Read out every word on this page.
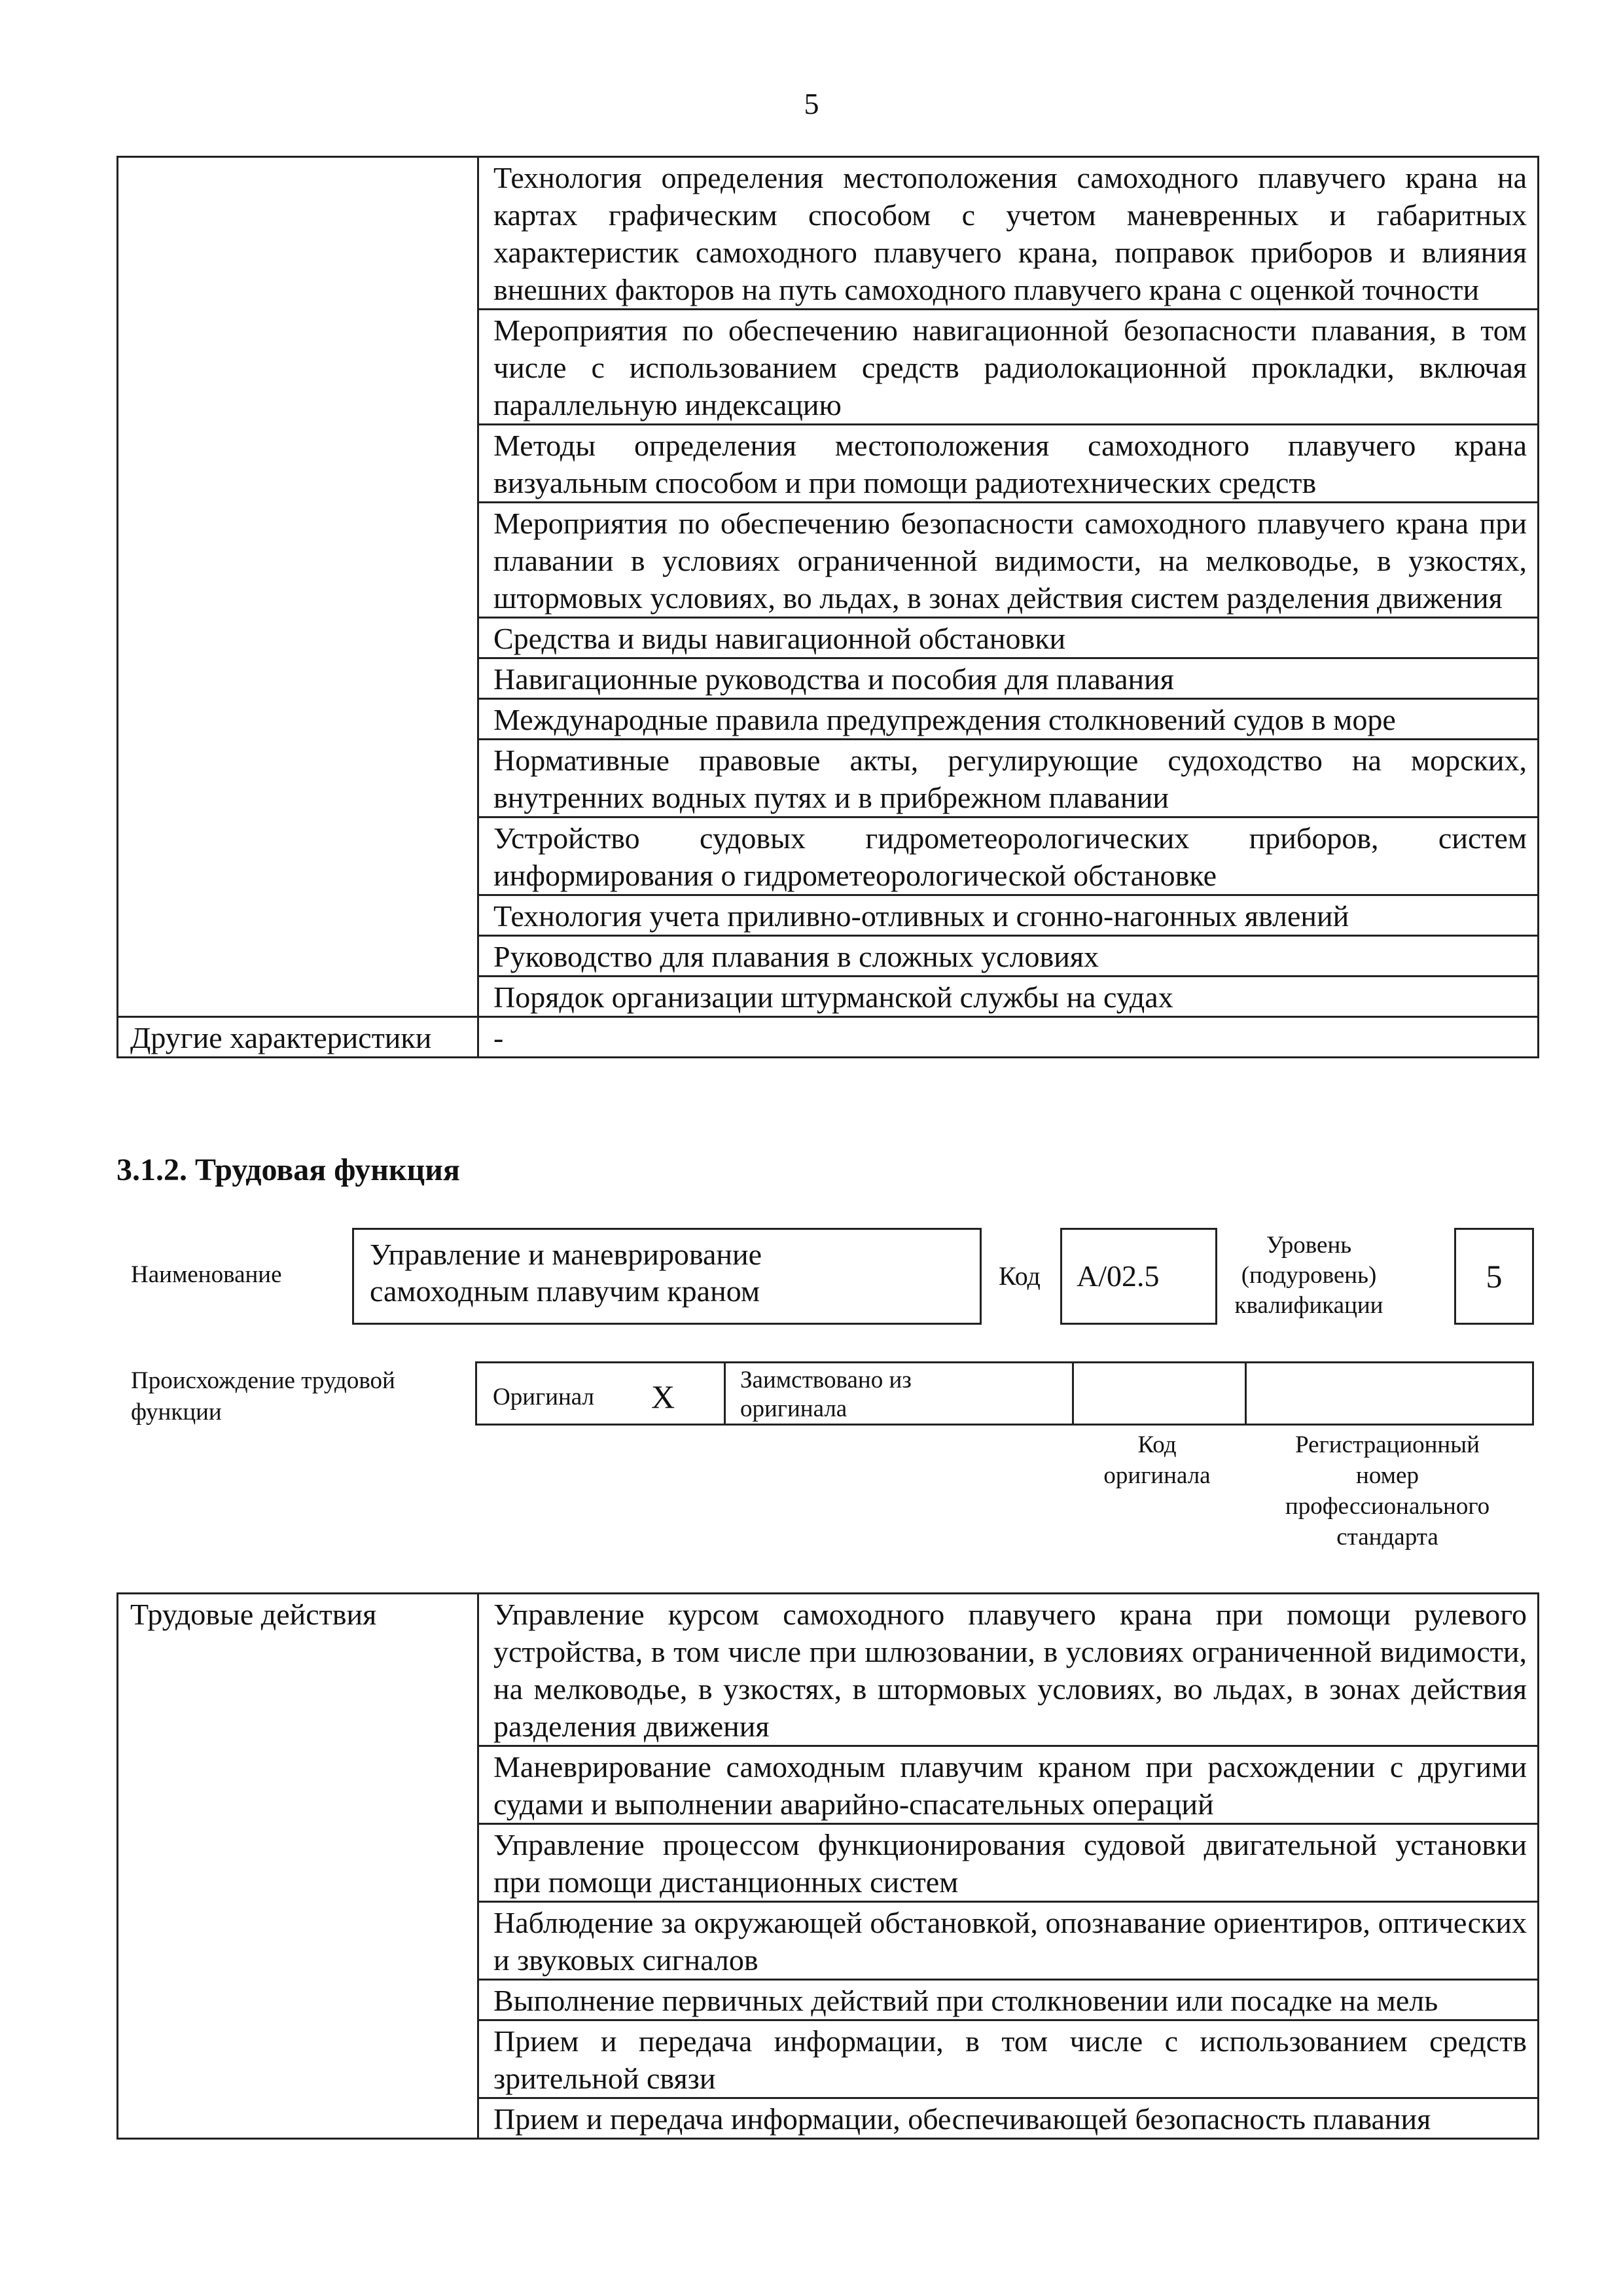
5
	Технология определения местоположения самоходного плавучего крана на картах графическим способом с учетом маневренных и габаритных характеристик самоходного плавучего крана, поправок приборов и влияния внешних факторов на путь самоходного плавучего крана с оценкой точности
	Мероприятия по обеспечению навигационной безопасности плавания, в том числе с использованием средств радиолокационной прокладки, включая параллельную индексацию
	Методы определения местоположения самоходного плавучего крана визуальным способом и при помощи радиотехнических средств
	Мероприятия по обеспечению безопасности самоходного плавучего крана при плавании в условиях ограниченной видимости, на мелководье, в узкостях, штормовых условиях, во льдах, в зонах действия систем разделения движения
	Средства и виды навигационной обстановки
	Навигационные руководства и пособия для плавания
	Международные правила предупреждения столкновений судов в море
	Нормативные правовые акты, регулирующие судоходство на морских, внутренних водных путях и в прибрежном плавании
	Устройство судовых гидрометеорологических приборов, систем информирования о гидрометеорологической обстановке
	Технология учета приливно-отливных и сгонно-нагонных явлений
	Руководство для плавания в сложных условиях
	Порядок организации штурманской службы на судах
Другие характеристики	-
3.1.2. Трудовая функция
Наименование
Управление и маневрирование
самоходным плавучим краном	Код A/02.5
Уровень
(подуровень)
квалификации
5
Происхождение трудовой
функции
Оригинал X	Заимствовано из
оригинала
Код
оригинала
Регистрационный
номер
профессионального
стандарта
Трудовые действия	Управление курсом самоходного плавучего крана при помощи рулевого устройства, в том числе при шлюзовании, в условиях ограниченной видимости, на мелководье, в узкостях, в штормовых условиях, во льдах, в зонах действия разделения движения
Маневрирование самоходным плавучим краном при расхождении с другими судами и выполнении аварийно-спасательных операций
Управление процессом функционирования судовой двигательной установки при помощи дистанционных систем
Наблюдение за окружающей обстановкой, опознавание ориентиров, оптических и звуковых сигналов
Выполнение первичных действий при столкновении или посадке на мель
Прием и передача информации, в том числе с использованием средств зрительной связи
Прием и передача информации, обеспечивающей безопасность плавания
